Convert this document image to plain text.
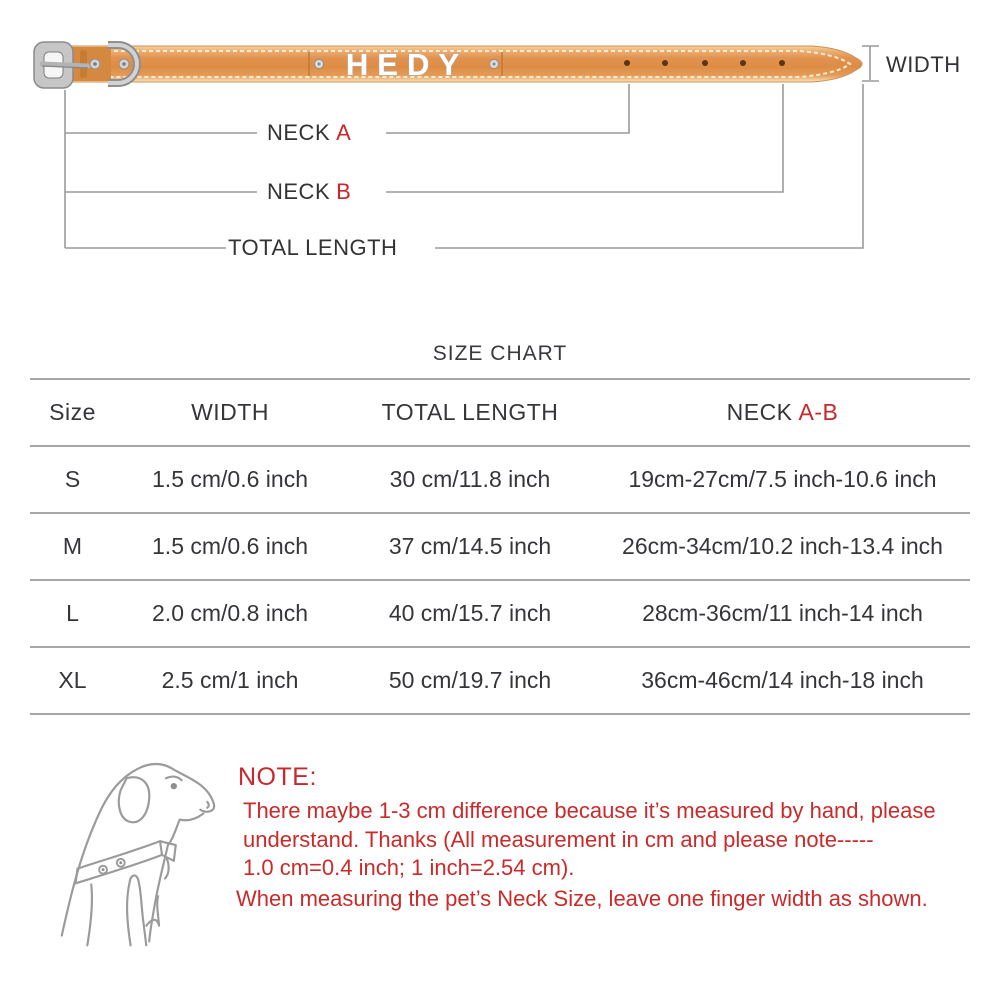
HEDY	WIDTH
NECK A
NECK B
TOTAL LENGTH
SIZE CHART
Size	WIDTH	TOTAL LENGTH	NECK A-B
S	1.5 cm/0.6 inch	30 cm/11.8 inch	19cm-27cm/7.5 inch-10.6 inch
M	1.5 cm/0.6 inch	37 cm/14.5 inch	26cm-34cm/10.2 inch-13.4 inch
L	2.0 cm/0.8 inch	40 cm/15.7 inch	28cm-36cm/11 inch-14 inch
XL	2.5 cm/1 inch	50 cm/19.7 inch	36cm-46cm/14 inch-18 inch
NOTE:
There maybe 1-3 cm difference because it’s measured by hand, please
understand. Thanks (All measurement in cm and please note-----
1.0 cm=0.4 inch; 1 inch=2.54 cm).
When measuring the pet’s Neck Size, leave one finger width as shown.
